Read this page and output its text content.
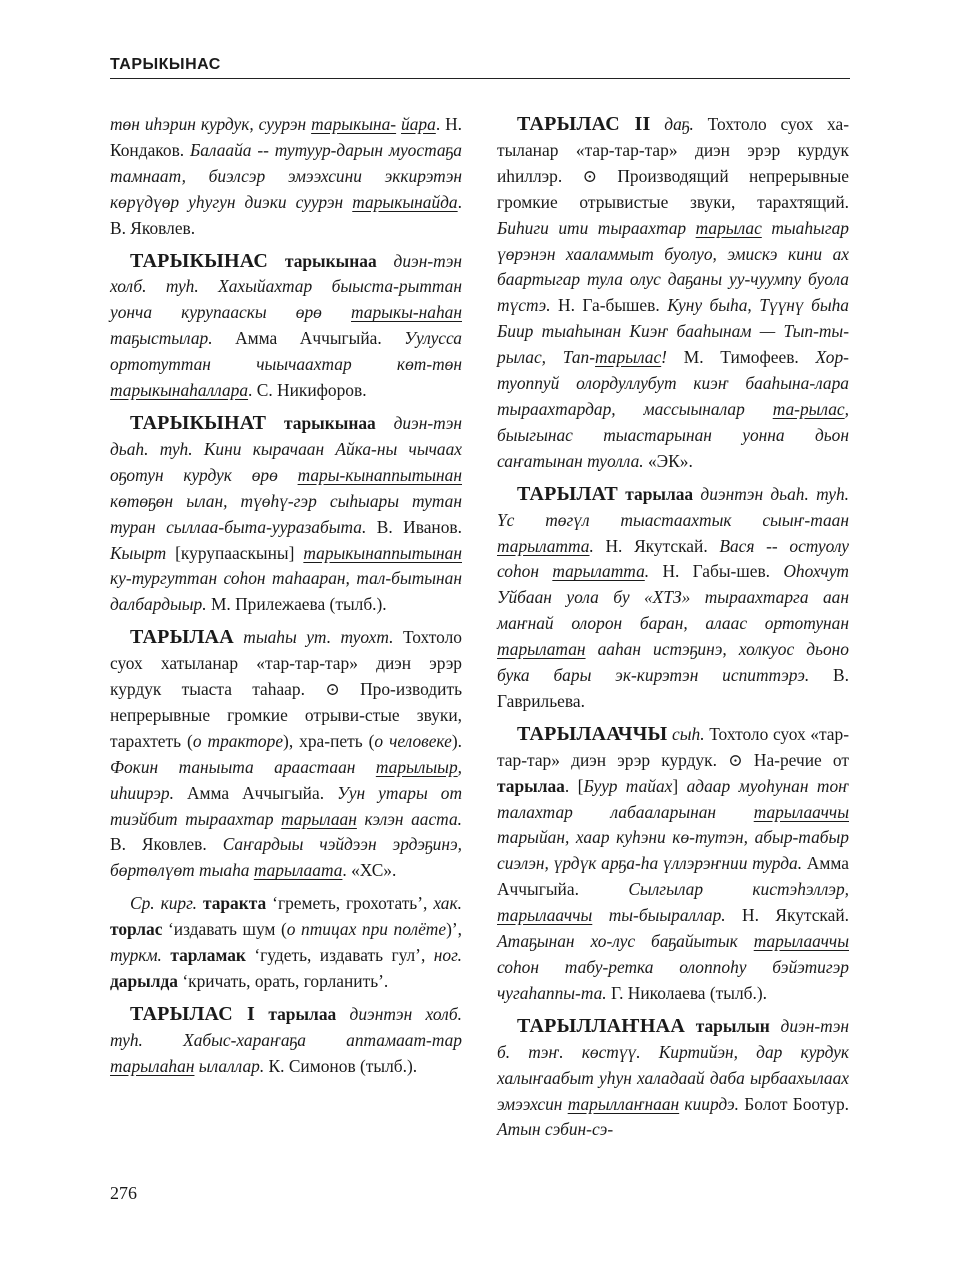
ТАРЫКЫНАС

төн иһэрин курдук, суурэн тарыкына- йара. Н. Кондаков. Балаайа -- тутуур-дарын муостаҕа тамнаат, биэлсэр эмээхсини эккирэтэн көрүдүөр уһугун диэки суурэн тарыкынайда. В. Яковлев.

ТАРЫКЫНАС тарыкынаа диэн-тэн холб. туһ. Хахыйахтар быыста-рыттан уонча курупааскы өрө тарыкы-наһан таҕыстылар. Амма Аччыгыйа. Уулусса ортотуттан чыычаахтар көт-төн тарыкынаһаллара. С. Никифоров.

ТАРЫКЫНАТ тарыкынаа диэн-тэн дьаһ. туһ. Кини кырачаан Айка-ны чычаах оҕотун курдук өрө тары-кынаппытынан көтөҕөн ылан, түөһү-гэр сыһыары тутан туран сыллаа-быта-ууразабыта. В. Иванов. Кыырт [курупааскыны] тарыкынаппытынан ку-тургуттан соһон таһааран, тал-бытынан далбардыыр. М. Прилежаева (тылб.).

ТАРЫЛАА тыаһы ут. туохт. Тохтоло суох хатыланар «тар-тар-тар» диэн эрэр курдук тыаста таһаар. ⊙ Про-изводить непрерывные громкие отрыви-стые звуки, тарахтеть (о тракторе), хра-петь (о человеке). Фокин таныыта араастаан тарылыыр, иһиирэр. Амма Аччыгыйа. Уун утары от тиэйбит тыраахтар тарылаан кэлэн ааста. В. Яковлев. Саҥардыы чэйдээн эрдэҕинэ, бөртөлүөт тыаһа тарылаата. «ХС».

Ср. кирг. таракта ‘греметь, грохотать’, хак. торлас ‘издавать шум (о птицах при полёте)’, туркм. тарламак ‘гудеть, издавать гул’, ног. дарылда ‘кричать, орать, горланить’.

ТАРЫЛАС I тарылаа диэнтэн холб. туһ. Хабыс-хараҥаҕа аптамаат-тар тарылаһан ылаллар. К. Симонов (тылб.).

ТАРЫЛАС II даҕ. Тохтоло суох ха-тыланар «тар-тар-тар» диэн эрэр курдук иһиллэр. ⊙ Производящий непрерывные громкие отрывистые звуки, тарахтящий. Биһиги ити тыраахтар тарылас тыаһыгар үөрэнэн хааламмыт буолуо, эмискэ кини ах баартыгар тула олус даҕаны уу-чуумпу буола түстэ. Н. Га-бышев. Куну быһа, Түүнү быһа Биир тыаһынан Киэҥ бааһынам — Тып-ты-рылас, Тап-тарылас! М. Тимофеев. Хор-туоппуй олордуллубут киэҥ бааһына-лара тыраахтардар, массыыналар та-рылас, быыгынас тыастарынан уонна дьон саҥатынан туолла. «ЭК».

ТАРЫЛАТ тарылаа диэнтэн дьаһ. туһ. Үс төгүл тыастаахтык сыыҥ-таан тарылатта. Н. Якутскай. Вася -- остуолу соһон тарылатта. Н. Габы-шев. Оһохчут Уйбаан уола бу «ХТЗ» тыраахтарга аан маҥнай олорон баран, алаас ортотунан тарылатан ааһан истэҕинэ, холкуос дьоно бука бары эк-кирэтэн испиттэрэ. В. Гаврильева.

ТАРЫЛААЧЧЫ сыһ. Тохтоло суох «тар-тар-тар» диэн эрэр курдук. ⊙ На-речие от тарылаа. [Буур тайах] адаар муоһунан тоҥ талахтар лабааларынан тарылааччы тарыйан, хаар куһэни кө-тутэн, абыр-табыр сиэлэн, үрдүк арҕа-һа үллэрэҥнии турда. Амма Аччыгыйа. Сылгылар кистэһэллэр, тарылааччы ты-быыраллар. Н. Якутскай. Атаҕынан хо-лус баҕайытык тарылааччы соһон табу-ретка олоппоһу бэйэтигэр чугаһаппы-та. Г. Николаева (тылб.).

ТАРЫЛЛАҤНАА тарылын диэн-тэн б. тэҥ. көстүү. Киртийэн, дар курдук халыҥаабыт уһун халадаай даба ырбаахылаах эмээхсин тарыллаҥнаан киирдэ. Болот Боотур. Атын сэбин-сэ-

276
